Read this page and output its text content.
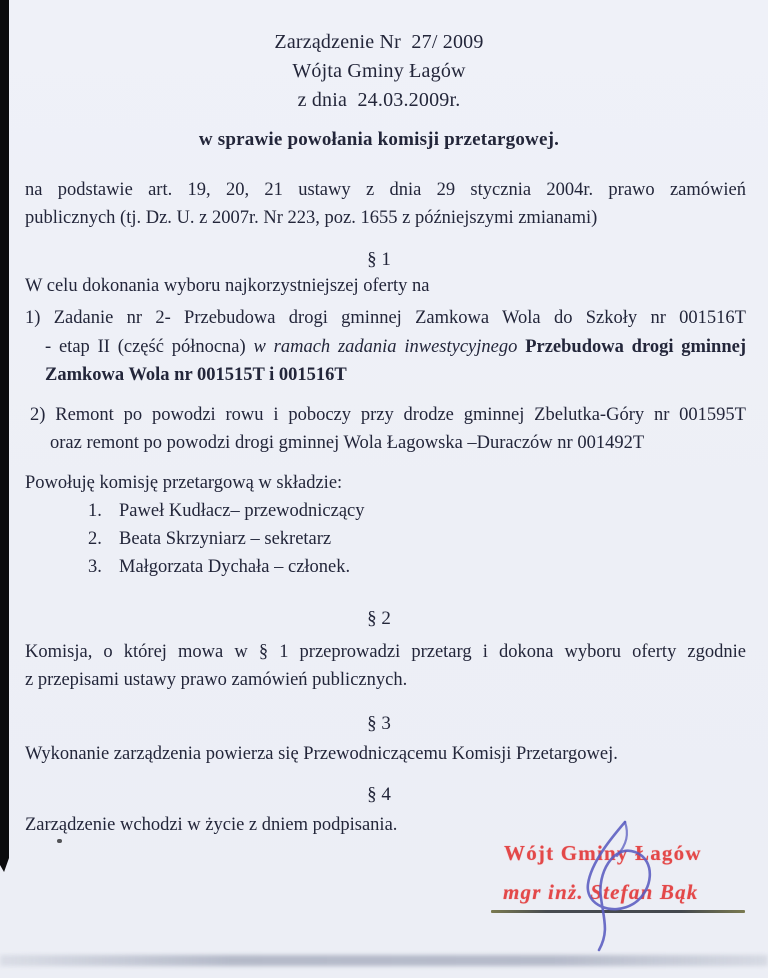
Zarządzenie Nr  27/ 2009
Wójta Gminy Łagów
z dnia  24.03.2009r.
w sprawie powołania komisji przetargowej.
na podstawie art. 19, 20, 21 ustawy z dnia 29 stycznia 2004r. prawo zamówień
publicznych (tj. Dz. U. z 2007r. Nr 223, poz. 1655 z późniejszymi zmianami)
§ 1
W celu dokonania wyboru najkorzystniejszej oferty na
1) Zadanie nr 2- Przebudowa drogi gminnej Zamkowa Wola do Szkoły nr 001516T
- etap II (część północna) w ramach zadania inwestycyjnego Przebudowa drogi gminnej
Zamkowa Wola nr 001515T i 001516T
2) Remont po powodzi rowu i poboczy przy drodze gminnej Zbelutka-Góry nr 001595T
oraz remont po powodzi drogi gminnej Wola Łagowska –Duraczów nr 001492T
Powołuję komisję przetargową w składzie:
1. Paweł Kudłacz– przewodniczący
2. Beata Skrzyniarz – sekretarz
3. Małgorzata Dychała – członek.
§ 2
Komisja, o której mowa w § 1 przeprowadzi przetarg i dokona wyboru oferty zgodnie
z przepisami ustawy prawo zamówień publicznych.
§ 3
Wykonanie zarządzenia powierza się Przewodniczącemu Komisji Przetargowej.
§ 4
Zarządzenie wchodzi w życie z dniem podpisania.
Wójt Gminy Łagów
mgr inż. Stefan Bąk
